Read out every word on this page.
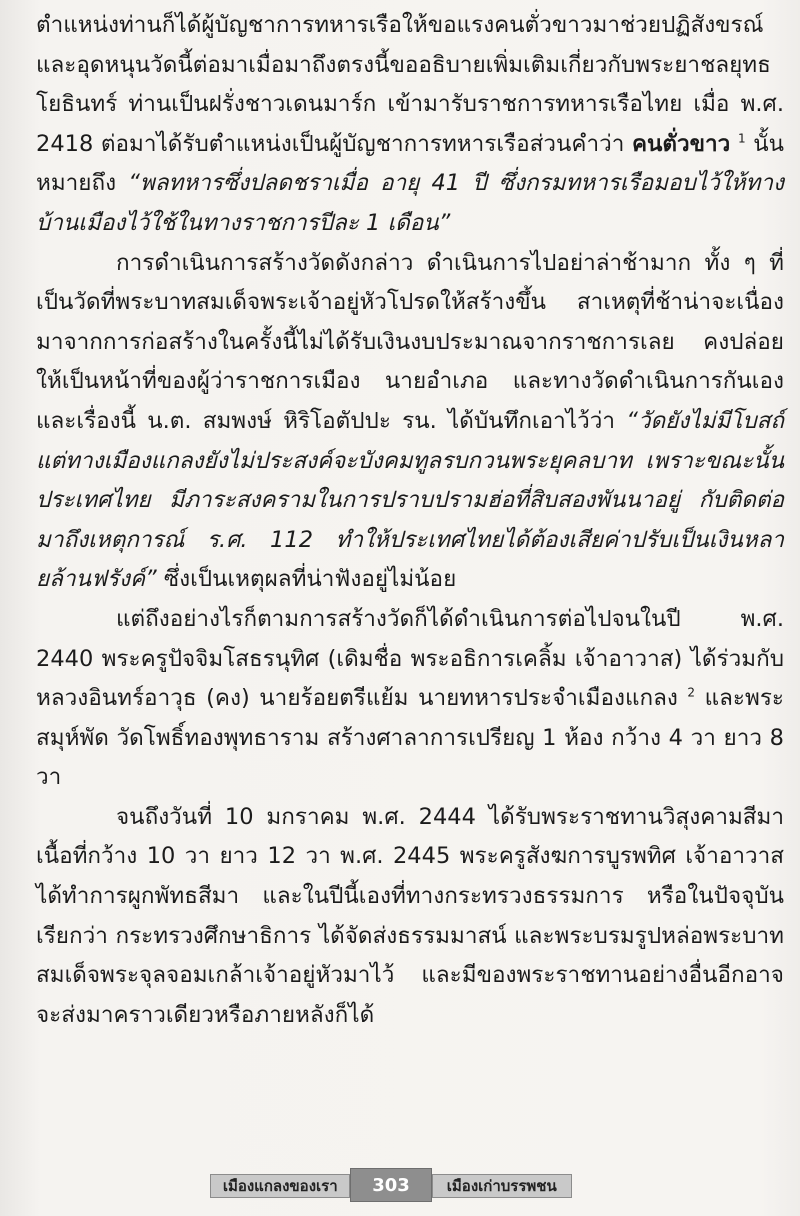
ตำแหน่งท่านก็ได้ผู้บัญชาการทหารเรือให้ขอแรงคนตั่วขาวมาช่วยปฏิสังขรณ์ และอุดหนุนวัดนี้ต่อมาเมื่อมาถึงตรงนี้ขออธิบายเพิ่มเติมเกี่ยวกับพระยาชลยุทธโยธินทร์ ท่านเป็นฝรั่งชาวเดนมาร์ก เข้ามารับราชการทหารเรือไทย เมื่อ พ.ศ. 2418 ต่อมาได้รับตำแหน่งเป็นผู้บัญชาการทหารเรือส่วนคำว่า คนตั่วขาว $^1$ นั้น หมายถึง “พลทหารซึ่งปลดชราเมื่อ อายุ 41 ปี ซึ่งกรมทหารเรือมอบไว้ให้ทางบ้านเมืองไว้ใช้ในทางราชการปีละ 1 เดือน”

การดำเนินการสร้างวัดดังกล่าว ดำเนินการไปอย่าล่าช้ามาก ทั้ง ๆ ที่เป็นวัดที่พระบาทสมเด็จพระเจ้าอยู่หัวโปรดให้สร้างขึ้น สาเหตุที่ช้าน่าจะเนื่องมาจากการก่อสร้างในครั้งนี้ไม่ได้รับเงินงบประมาณจากราชการเลย คงปล่อยให้เป็นหน้าที่ของผู้ว่าราชการเมือง นายอำเภอ และทางวัดดำเนินการกันเอง และเรื่องนี้ น.ต. สมพงษ์ หิริโอตัปปะ รน. ได้บันทึกเอาไว้ว่า “วัดยังไม่มีโบสถ์แต่ทางเมืองแกลงยังไม่ประสงค์จะบังคมทูลรบกวนพระยุคลบาท เพราะขณะนั้นประเทศไทย มีภาระสงครามในการปราบปรามฮ่อที่สิบสองพันนาอยู่ กับติดต่อมาถึงเหตุการณ์ ร.ศ. 112 ทำให้ประเทศไทยได้ต้องเสียค่าปรับเป็นเงินหลายล้านฟรังค์” ซึ่งเป็นเหตุผลที่น่าฟังอยู่ไม่น้อย

แต่ถึงอย่างไรก็ตามการสร้างวัดก็ได้ดำเนินการต่อไปจนในปี พ.ศ. 2440 พระครูปัจจิมโสธรนุทิศ (เดิมชื่อ พระอธิการเคลิ้ม เจ้าอาวาส) ได้ร่วมกับหลวงอินทร์อาวุธ (คง) นายร้อยตรีแย้ม นายทหารประจำเมืองแกลง $^2$ และพระสมุห์พัด วัดโพธิ์ทองพุทธาราม สร้างศาลาการเปรียญ 1 ห้อง กว้าง 4 วา ยาว 8 วา

จนถึงวันที่ 10 มกราคม พ.ศ. 2444 ได้รับพระราชทานวิสุงคามสีมา เนื้อที่กว้าง 10 วา ยาว 12 วา พ.ศ. 2445 พระครูสังฆการบูรพทิศ เจ้าอาวาสได้ทำการผูกพัทธสีมา และในปีนี้เองที่ทางกระทรวงธรรมการ หรือในปัจจุบัน เรียกว่า กระทรวงศึกษาธิการ ได้จัดส่งธรรมมาสน์ และพระบรมรูปหล่อพระบาทสมเด็จพระจุลจอมเกล้าเจ้าอยู่หัวมาไว้ และมีของพระราชทานอย่างอื่นอีกอาจจะส่งมาคราวเดียวหรือภายหลังก็ได้

เมืองแกลงของเรา	303	เมืองเก่าบรรพชน
